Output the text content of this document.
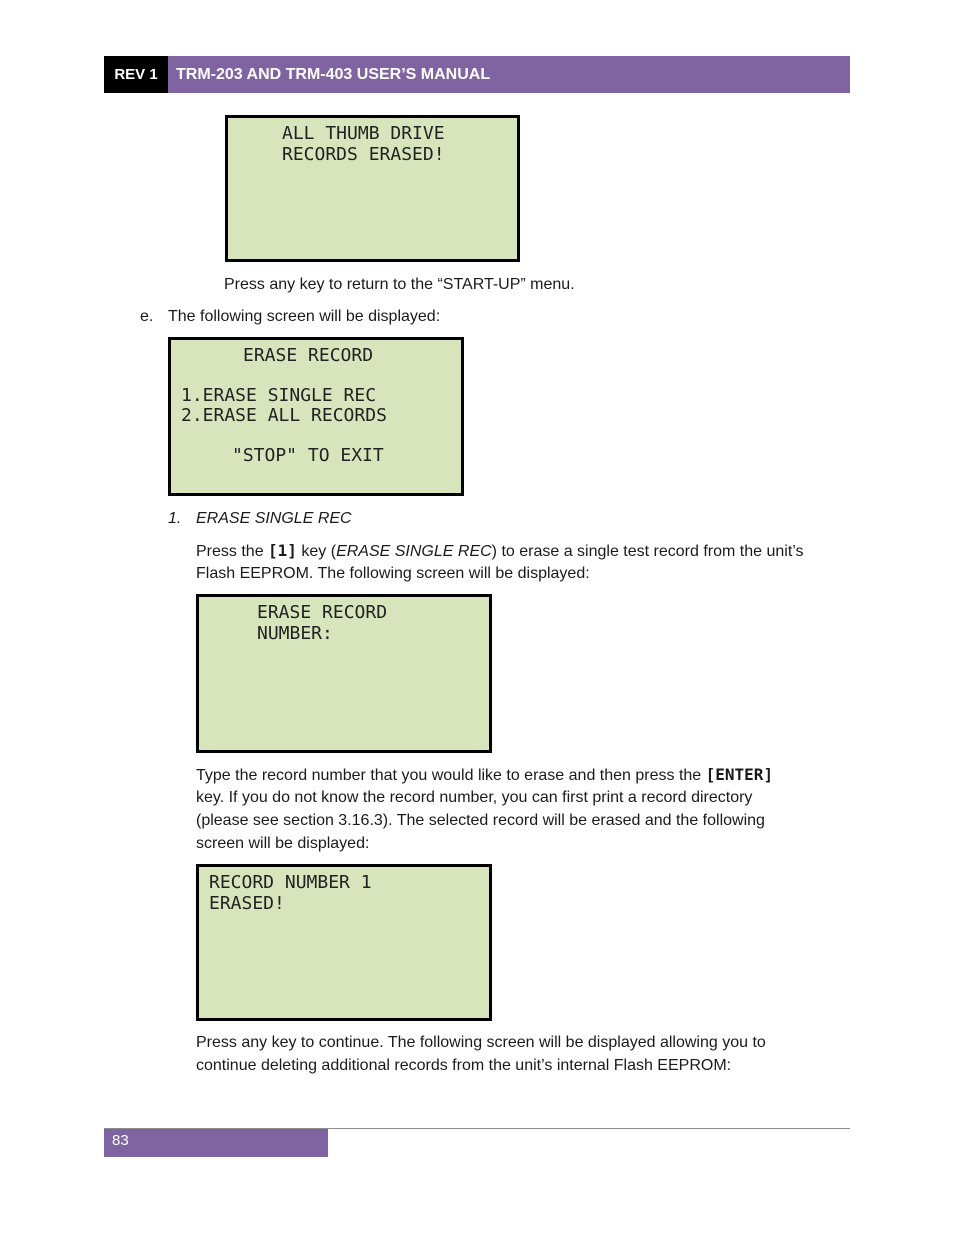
REV 1	TRM-203 AND TRM-403 USER’S MANUAL
ALL THUMB DRIVE
RECORDS ERASED!
Press any key to return to the “START-UP” menu.
e. The following screen will be displayed:
ERASE RECORD
1.ERASE SINGLE REC
2.ERASE ALL RECORDS
"STOP" TO EXIT
1. ERASE SINGLE REC
Press the [1] key (ERASE SINGLE REC) to erase a single test record from the unit’s
Flash EEPROM. The following screen will be displayed:
ERASE RECORD
NUMBER:
Type the record number that you would like to erase and then press the [ENTER]
key. If you do not know the record number, you can first print a record directory
(please see section 3.16.3). The selected record will be erased and the following
screen will be displayed:
RECORD NUMBER 1
ERASED!
Press any key to continue. The following screen will be displayed allowing you to
continue deleting additional records from the unit’s internal Flash EEPROM:
83
